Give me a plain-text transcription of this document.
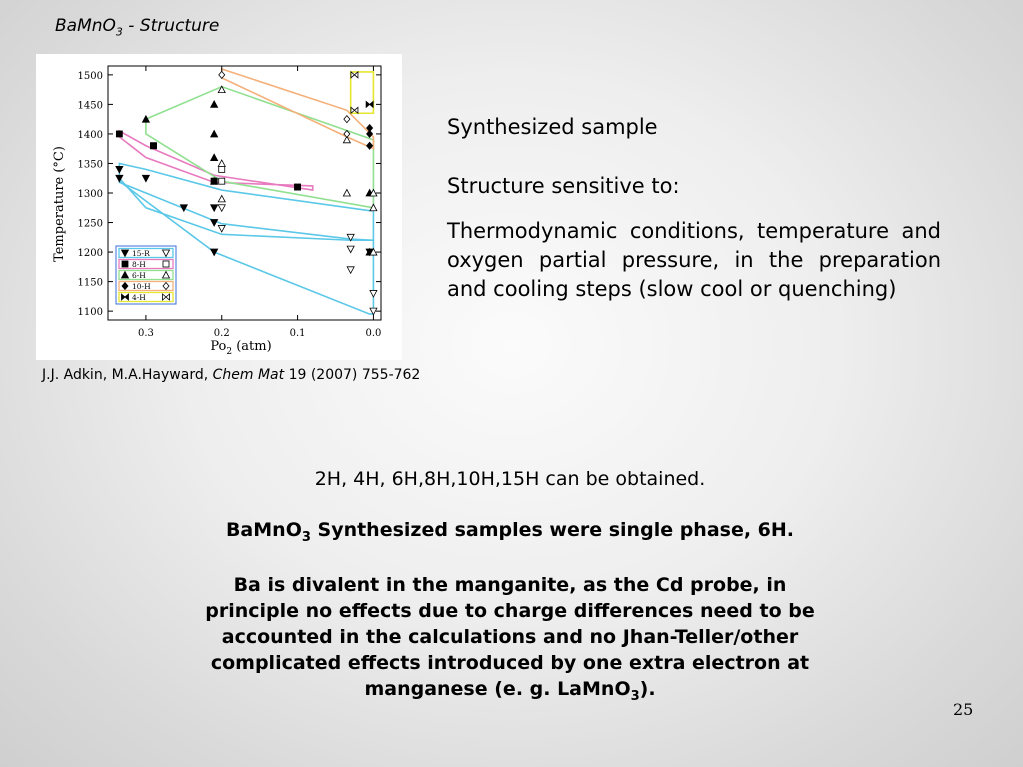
BaMnO$_3$ - Structure
1100
1150
1200
1250
1300
1350
1400
1450
1500
0.3	0.2	0.1	0.0
15-R
8-H
6-H
10-H
4-H
$Po_2$ (atm)
Temperature (°C)
J.J. Adkin, M.A.Hayward, Chem Mat 19 (2007) 755-762
Synthesized sample
Structure sensitive to:
Thermodynamic conditions, temperature and oxygen partial pressure, in the preparation and cooling steps (slow cool or quenching)
2H, 4H, 6H,8H,10H,15H can be obtained.
BaMnO$_3$ Synthesized samples were single phase, 6H.
Ba is divalent in the manganite, as the Cd probe, in principle no effects due to charge differences need to be accounted in the calculations and no Jhan-Teller/other complicated effects introduced by one extra electron at manganese (e. g. LaMnO$_3$).
25
